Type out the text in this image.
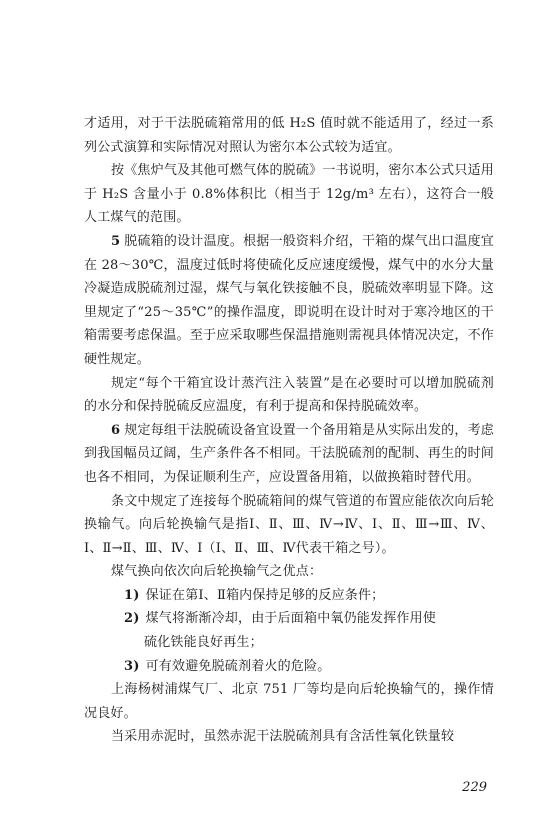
才适用，对于干法脱硫箱常用的低 H₂S 值时就不能适用了，经过一系列公式演算和实际情况对照认为密尔本公式较为适宜。

按《焦炉气及其他可燃气体的脱硫》一书说明，密尔本公式只适用于 H₂S 含量小于 0.8%体积比（相当于 12g/m³ 左右），这符合一般人工煤气的范围。

5 脱硫箱的设计温度。根据一般资料介绍，干箱的煤气出口温度宜在 28～30℃，温度过低时将使硫化反应速度缓慢，煤气中的水分大量冷凝造成脱硫剂过湿，煤气与氧化铁接触不良，脱硫效率明显下降。这里规定了“25～35℃”的操作温度，即说明在设计时对于寒冷地区的干箱需要考虑保温。至于应采取哪些保温措施则需视具体情况决定，不作硬性规定。

规定“每个干箱宜设计蒸汽注入装置”是在必要时可以增加脱硫剂的水分和保持脱硫反应温度，有利于提高和保持脱硫效率。

6 规定每组干法脱硫设备宜设置一个备用箱是从实际出发的，考虑到我国幅员辽阔，生产条件各不相同。干法脱硫剂的配制、再生的时间也各不相同，为保证顺利生产，应设置备用箱，以做换箱时替代用。

条文中规定了连接每个脱硫箱间的煤气管道的布置应能依次向后轮换输气。向后轮换输气是指Ⅰ、Ⅱ、Ⅲ、Ⅳ→Ⅳ、Ⅰ、Ⅱ、Ⅲ→Ⅲ、Ⅳ、Ⅰ、Ⅱ→Ⅱ、Ⅲ、Ⅳ、Ⅰ（Ⅰ、Ⅱ、Ⅲ、Ⅳ代表干箱之号）。

煤气换向依次向后轮换输气之优点：

1) 保证在第Ⅰ、Ⅱ箱内保持足够的反应条件；

2) 煤气将渐渐冷却，由于后面箱中氧仍能发挥作用使
硫化铁能良好再生；

3) 可有效避免脱硫剂着火的危险。

上海杨树浦煤气厂、北京 751 厂等均是向后轮换输气的，操作情况良好。

当采用赤泥时，虽然赤泥干法脱硫剂具有含活性氧化铁量较

229
